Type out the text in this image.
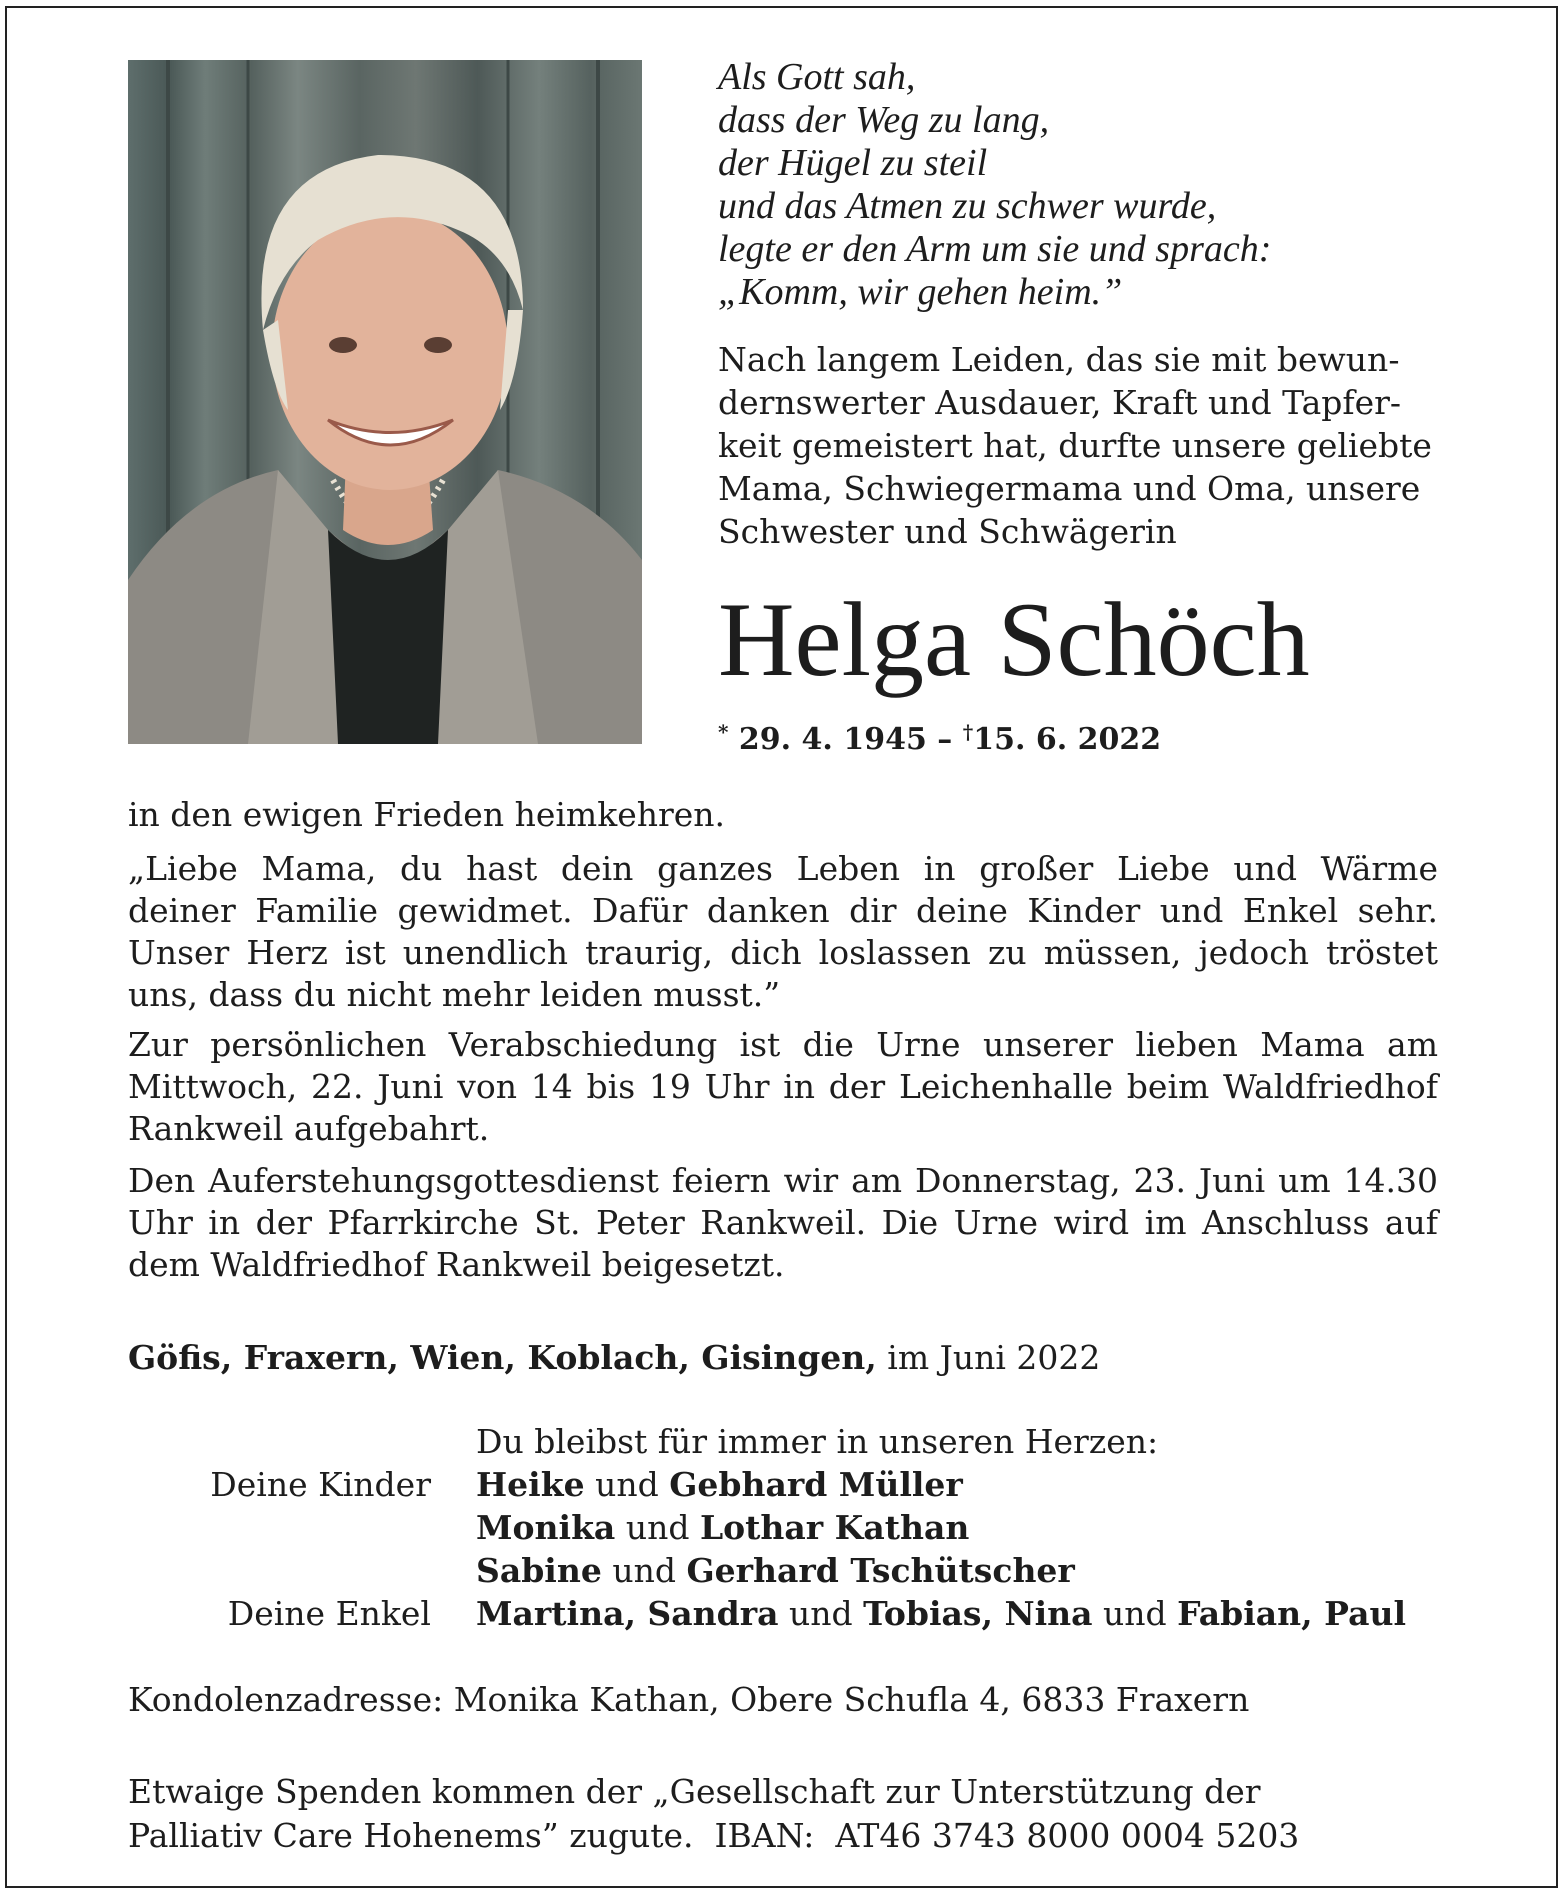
Als Gott sah,
dass der Weg zu lang,
der Hügel zu steil
und das Atmen zu schwer wurde,
legte er den Arm um sie und sprach:
„Komm, wir gehen heim.”
Nach langem Leiden, das sie mit bewun-
dernswerter Ausdauer, Kraft und Tapfer-
keit gemeistert hat, durfte unsere geliebte
Mama, Schwiegermama und Oma, unsere
Schwester und Schwägerin
Helga Schöch
* 29. 4. 1945 – †15. 6. 2022
in den ewigen Frieden heimkehren.
„Liebe Mama, du hast dein ganzes Leben in großer Liebe und Wärme
deiner Familie gewidmet. Dafür danken dir deine Kinder und Enkel sehr.
Unser Herz ist unendlich traurig, dich loslassen zu müssen, jedoch tröstet
uns, dass du nicht mehr leiden musst.”
Zur persönlichen Verabschiedung ist die Urne unserer lieben Mama am
Mittwoch, 22. Juni von 14 bis 19 Uhr in der Leichenhalle beim Waldfriedhof
Rankweil aufgebahrt.
Den Auferstehungsgottesdienst feiern wir am Donnerstag, 23. Juni um 14.30
Uhr in der Pfarrkirche St. Peter Rankweil. Die Urne wird im Anschluss auf
dem Waldfriedhof Rankweil beigesetzt.
Göfis, Fraxern, Wien, Koblach, Gisingen, im Juni 2022
Du bleibst für immer in unseren Herzen:
Deine Kinder Heike und Gebhard Müller
Monika und Lothar Kathan
Sabine und Gerhard Tschütscher
Deine Enkel Martina, Sandra und Tobias, Nina und Fabian, Paul
Kondolenzadresse: Monika Kathan, Obere Schufla 4, 6833 Fraxern
Etwaige Spenden kommen der „Gesellschaft zur Unterstützung der
Palliativ Care Hohenems” zugute.  IBAN:  AT46 3743 8000 0004 5203
